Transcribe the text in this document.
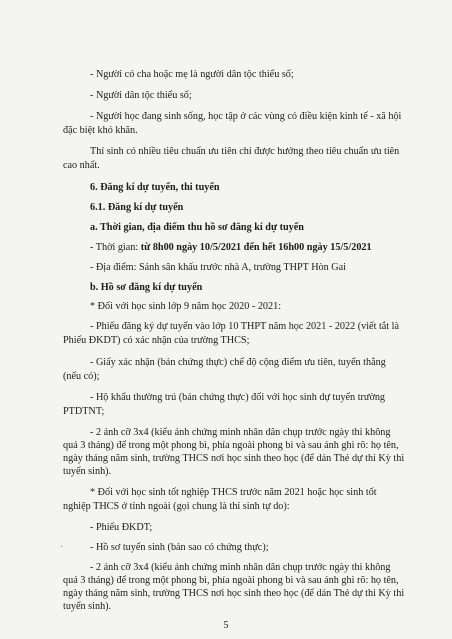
- Người có cha hoặc mẹ là người dân tộc thiểu số;
- Người dân tộc thiểu số;
- Người học đang sinh sống, học tập ở các vùng có điều kiện kinh tế - xã hội
đặc biệt khó khăn.
Thí sinh có nhiều tiêu chuẩn ưu tiên chỉ được hưởng theo tiêu chuẩn ưu tiên
cao nhất.
6. Đăng kí dự tuyển, thi tuyển
6.1. Đăng kí dự tuyển
a. Thời gian, địa điểm thu hồ sơ đăng kí dự tuyển
- Thời gian: từ 8h00 ngày 10/5/2021 đến hết 16h00 ngày 15/5/2021
- Địa điểm: Sảnh sân khấu trước nhà A, trường THPT Hòn Gai
b. Hồ sơ đăng kí dự tuyển
* Đối với học sinh lớp 9 năm học 2020 - 2021:
- Phiếu đăng ký dự tuyển vào lớp 10 THPT năm học 2021 - 2022 (viết tắt là
Phiếu ĐKDT) có xác nhận của trường THCS;
- Giấy xác nhận (bản chứng thực) chế độ cộng điểm ưu tiên, tuyển thẳng
(nếu có);
- Hộ khẩu thường trú (bản chứng thực) đối với học sinh dự tuyển trường
PTDTNT;
- 2 ảnh cỡ 3x4 (kiểu ảnh chứng minh nhân dân chụp trước ngày thi không
quá 3 tháng) để trong một phong bì, phía ngoài phong bì và sau ảnh ghi rõ: họ tên,
ngày tháng năm sinh, trường THCS nơi học sinh theo học (để dán Thẻ dự thi Kỳ thi
tuyển sinh).
* Đối với học sinh tốt nghiệp THCS trước năm 2021 hoặc học sinh tốt
nghiệp THCS ở tỉnh ngoài (gọi chung là thí sinh tự do):
- Phiếu ĐKDT;
- Hồ sơ tuyển sinh (bản sao có chứng thực);
·
5
- 2 ảnh cỡ 3x4 (kiểu ảnh chứng minh nhân dân chụp trước ngày thi không
quá 3 tháng) để trong một phong bì, phía ngoài phong bì và sau ảnh ghi rõ: họ tên,
ngày tháng năm sinh, trường THCS nơi học sinh theo học (để dán Thẻ dự thi Kỳ thi
tuyển sinh).
